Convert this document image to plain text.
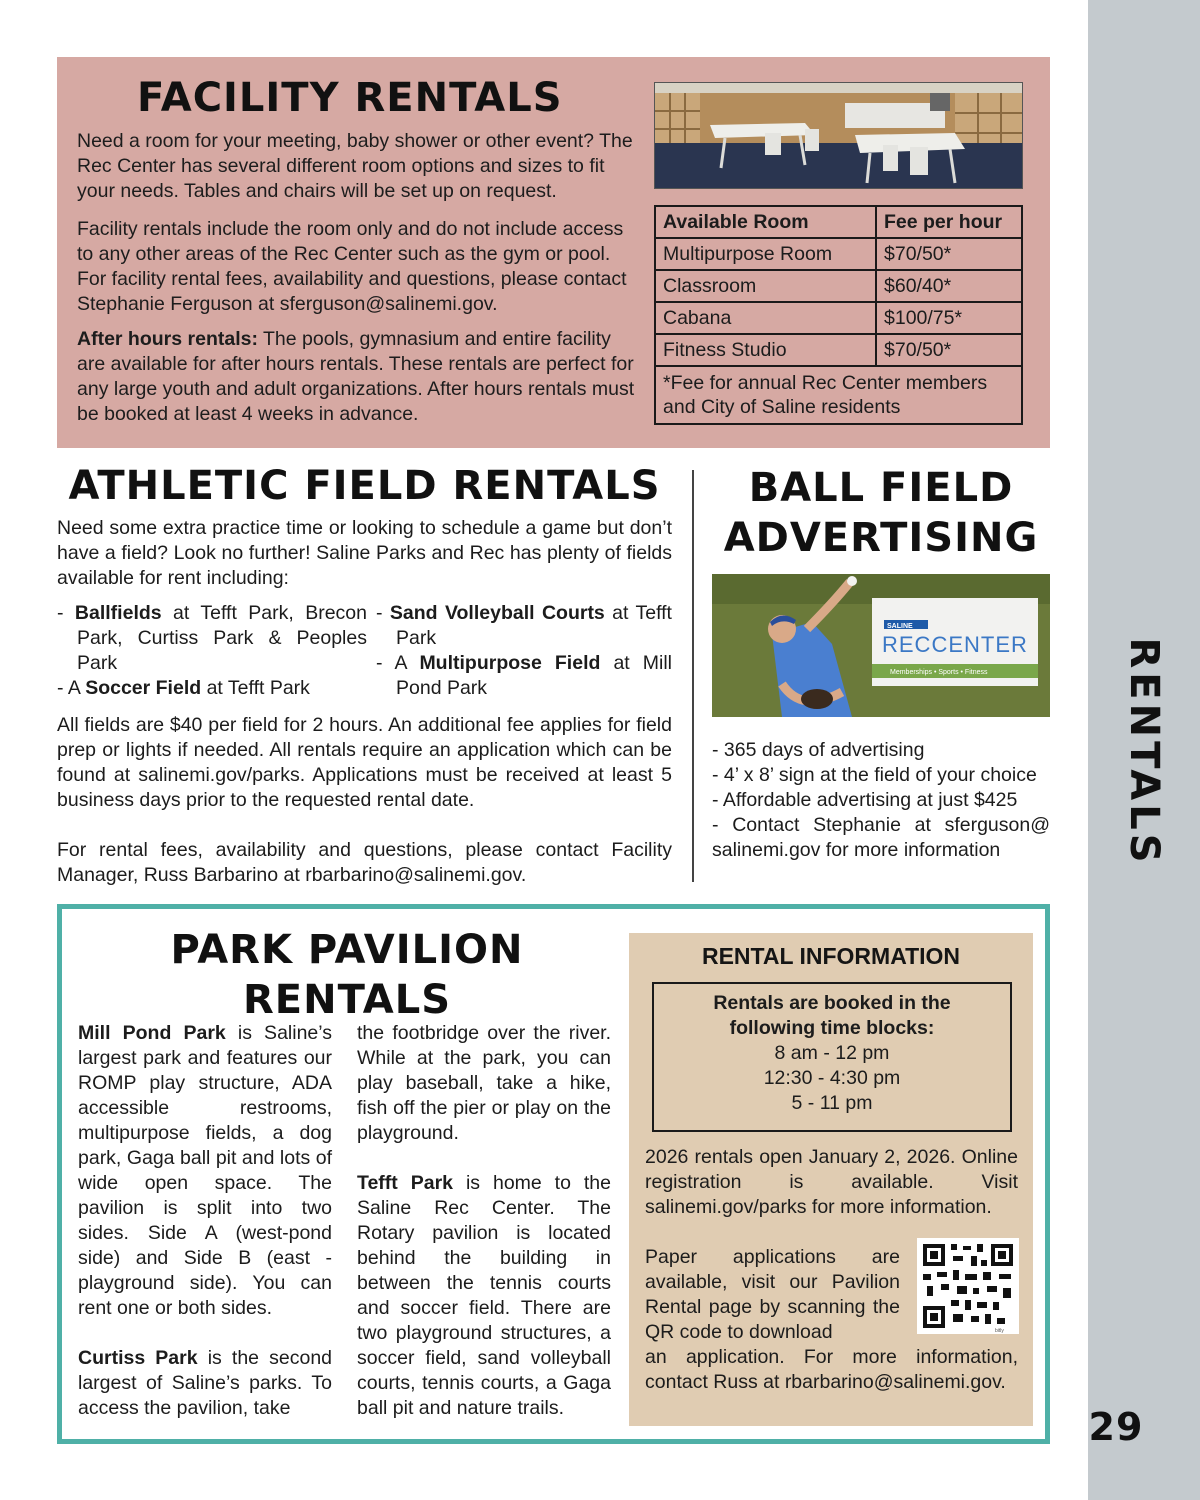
RENTALS
29
FACILITY RENTALS

Need a room for your meeting, baby shower or other event? The Rec Center has several different room options and sizes to fit your needs. Tables and chairs will be set up on request.

Facility rentals include the room only and do not include access to any other areas of the Rec Center such as the gym or pool. For facility rental fees, availability and questions, please contact Stephanie Ferguson at sferguson@salinemi.gov.

After hours rentals: The pools, gymnasium and entire facility are available for after hours rentals. These rentals are perfect for any large youth and adult organizations. After hours rentals must be booked at least 4 weeks in advance.

Available Room	Fee per hour
Multipurpose Room	$70/50*
Classroom	$60/40*
Cabana	$100/75*
Fitness Studio	$70/50*
*Fee for annual Rec Center members and City of Saline residents	
ATHLETIC FIELD RENTALS

Need some extra practice time or looking to schedule a game but don’t have a field? Look no further! Saline Parks and Rec has plenty of fields available for rent including:

- Ballfields at Tefft Park, Brecon Park, Curtiss Park & Peoples Park
- A Soccer Field at Tefft Park
- Sand Volleyball Courts at Tefft Park
- A Multipurpose Field at Mill Pond Park

All fields are $40 per field for 2 hours. An additional fee applies for field prep or lights if needed. All rentals require an application which can be found at salinemi.gov/parks. Applications must be received at least 5 business days prior to the requested rental date.

For rental fees, availability and questions, please contact Facility Manager, Russ Barbarino at rbarbarino@salinemi.gov.

BALL FIELD
ADVERTISING
SALINE
RECCENTER
Memberships • Sports • Fitness
- 365 days of advertising
- 4’ x 8’ sign at the field of your choice
- Affordable advertising at just $425
- Contact Stephanie at sferguson@ salinemi.gov for more information
PARK PAVILION
RENTALS

Mill Pond Park is Saline’s largest park and features our ROMP play structure, ADA accessible restrooms, multipurpose fields, a dog park, Gaga ball pit and lots of wide open space. The pavilion is split into two sides. Side A (west-pond side) and Side B (east - playground side). You can rent one or both sides.

Curtiss Park is the second largest of Saline’s parks. To access the pavilion, take

the footbridge over the river. While at the park, you can play baseball, take a hike, fish off the pier or play on the playground.

Tefft Park is home to the Saline Rec Center. The Rotary pavilion is located behind the building in between the tennis courts and soccer field. There are two playground structures, a soccer field, sand volleyball courts, tennis courts, a Gaga ball pit and nature trails.

RENTAL INFORMATION
Rentals are booked in the following time blocks:
8 am - 12 pm
12:30 - 4:30 pm
5 - 11 pm

2026 rentals open January 2, 2026. Online registration is available. Visit salinemi.gov/parks for more information.

Paper applications are available, visit our Pavilion Rental page by scanning the QR code to download	bitly

an application. For more information, contact Russ at rbarbarino@salinemi.gov.
